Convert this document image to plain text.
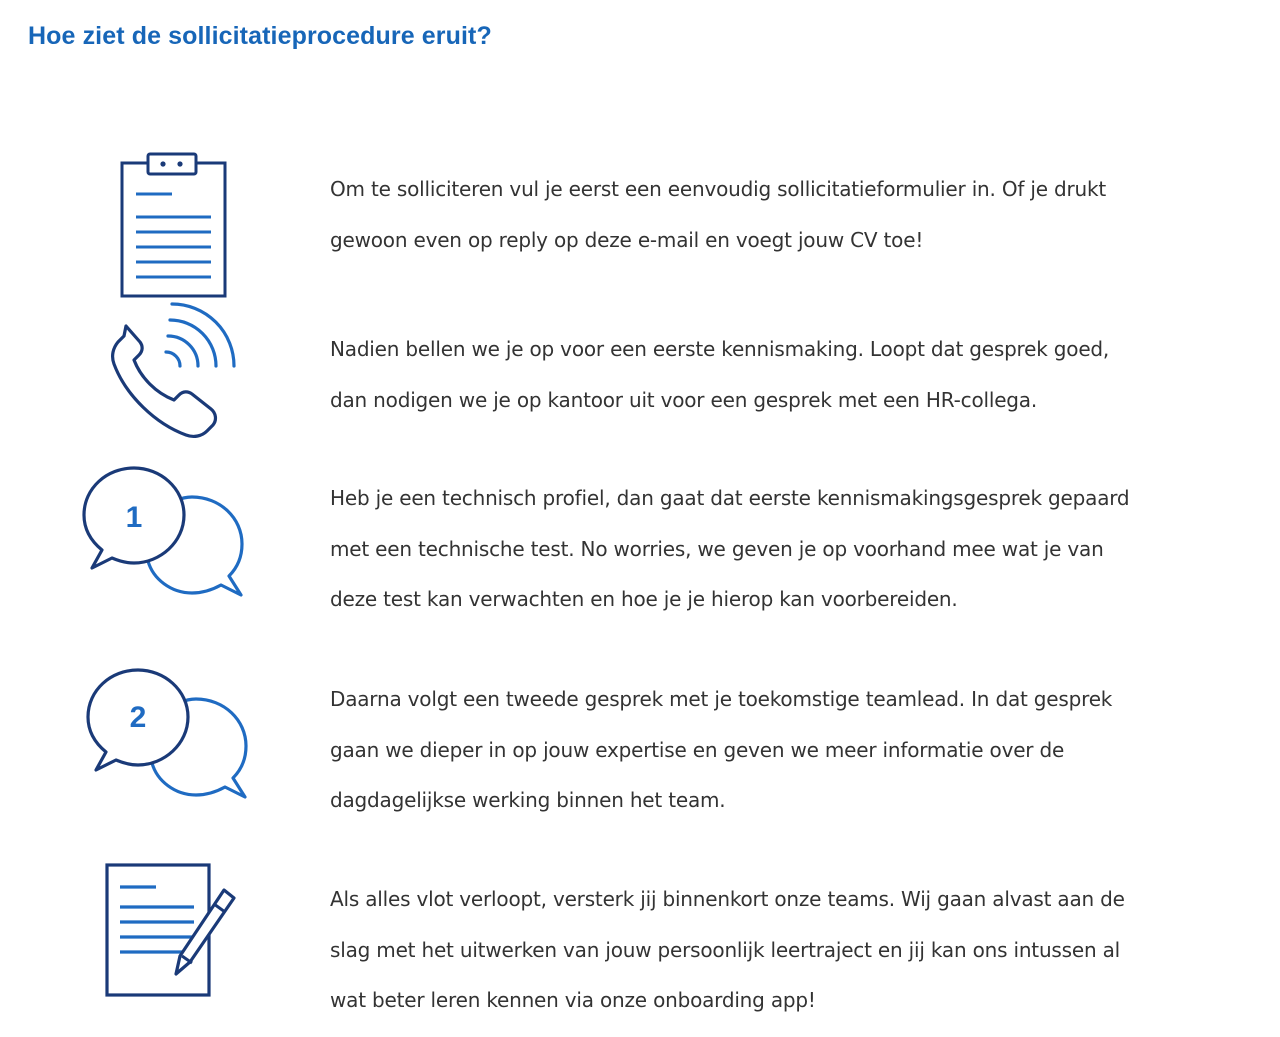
Hoe ziet de sollicitatieprocedure eruit?

Om te solliciteren vul je eerst een eenvoudig sollicitatieformulier in. Of je drukt
gewoon even op reply op deze e-mail en voegt jouw CV toe!

Nadien bellen we je op voor een eerste kennismaking. Loopt dat gesprek goed,
dan nodigen we je op kantoor uit voor een gesprek met een HR-collega.

1

Heb je een technisch profiel, dan gaat dat eerste kennismakingsgesprek gepaard
met een technische test. No worries, we geven je op voorhand mee wat je van
deze test kan verwachten en hoe je je hierop kan voorbereiden.

2

Daarna volgt een tweede gesprek met je toekomstige teamlead. In dat gesprek
gaan we dieper in op jouw expertise en geven we meer informatie over de
dagdagelijkse werking binnen het team.

Als alles vlot verloopt, versterk jij binnenkort onze teams. Wij gaan alvast aan de
slag met het uitwerken van jouw persoonlijk leertraject en jij kan ons intussen al
wat beter leren kennen via onze onboarding app!
